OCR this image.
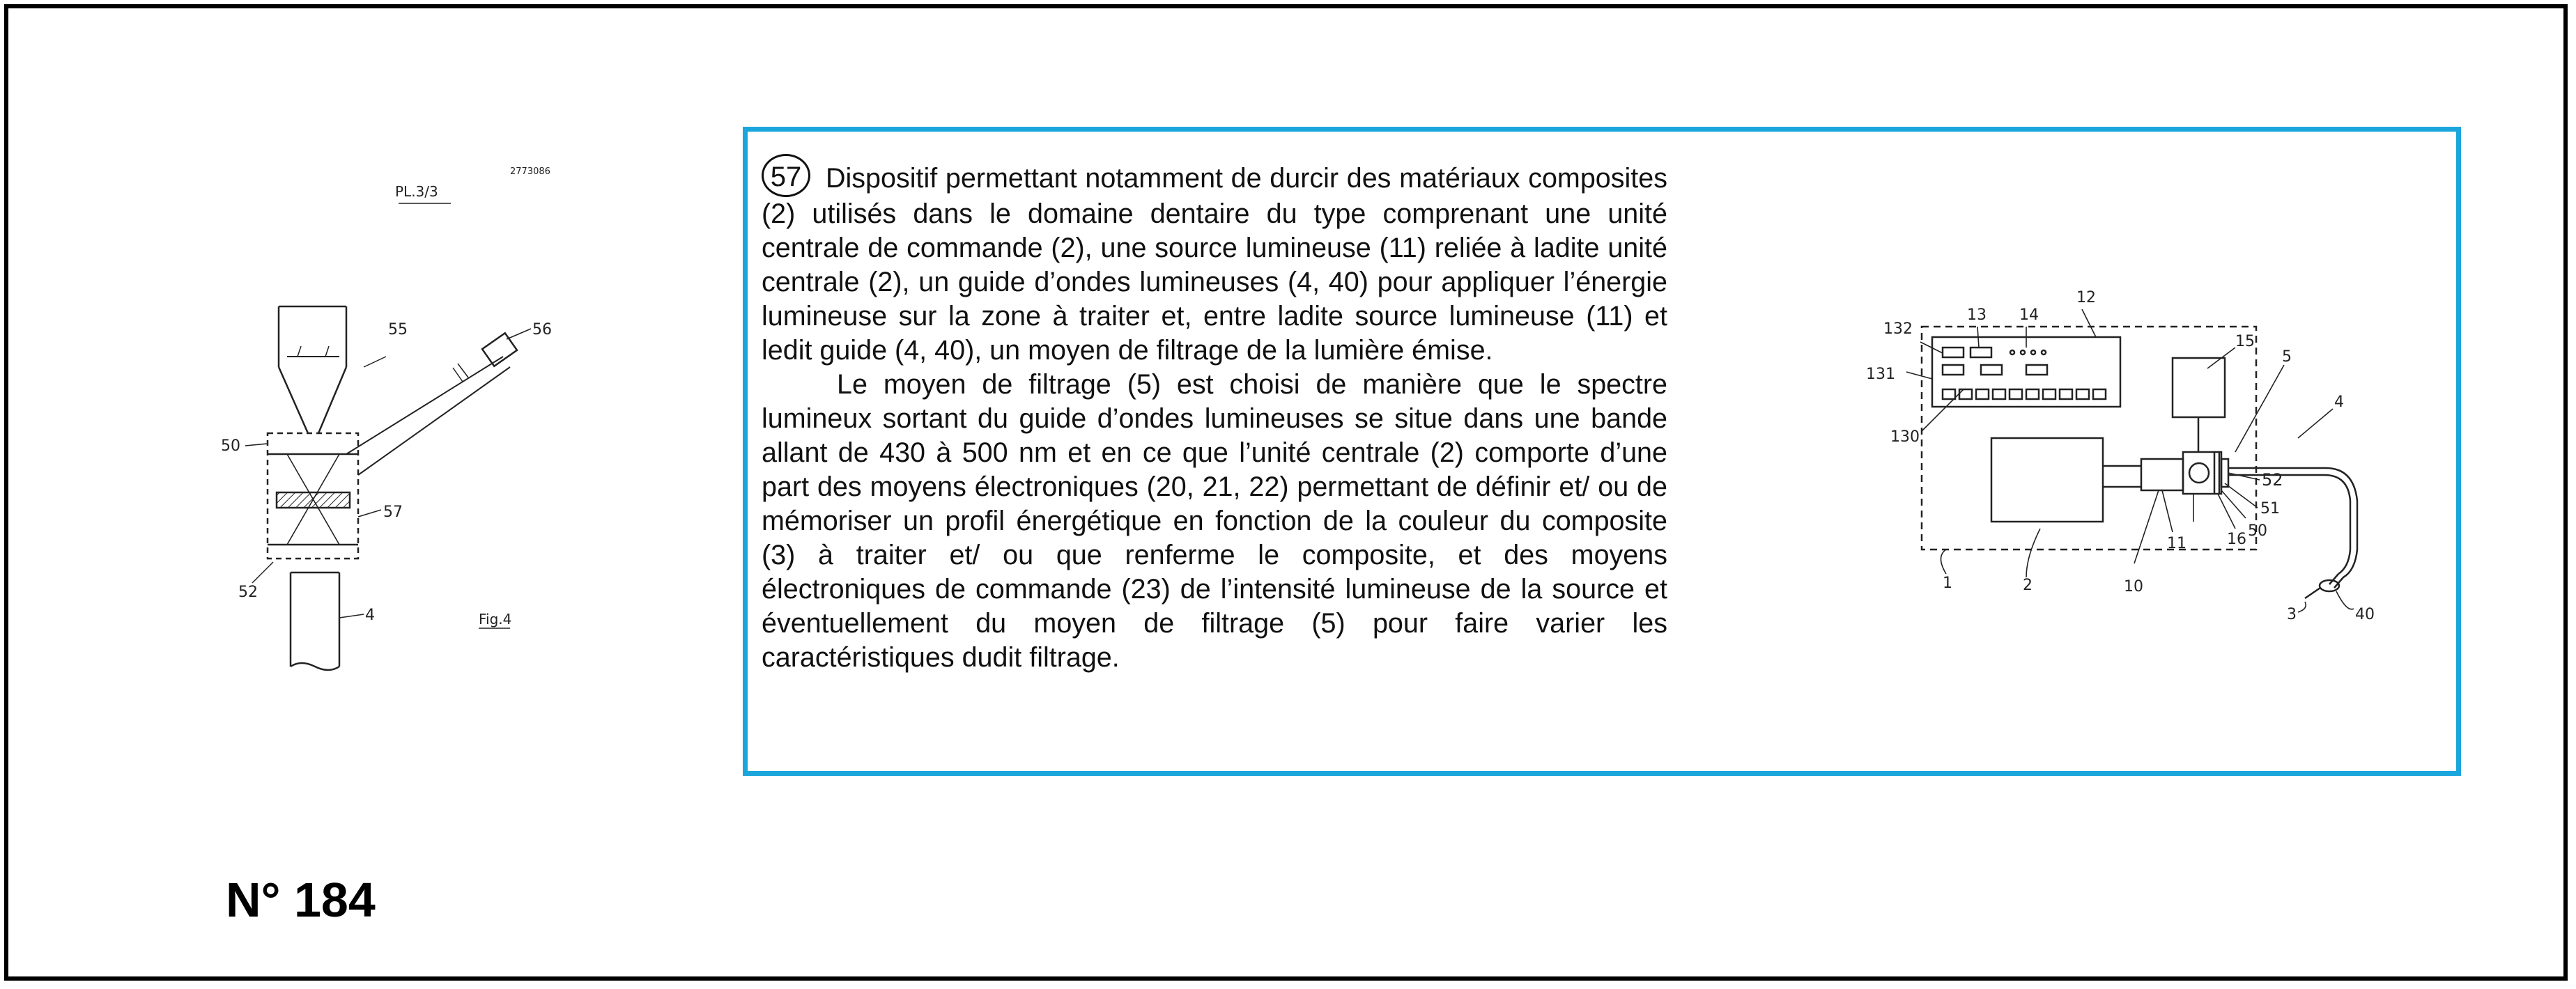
PL.3/3
2773086
Fig.4
55	56
50
57
52
4

57 Dispositif permettant notamment de durcir des matériaux composites (2) utilisés dans le domaine dentaire du type comprenant une unité centrale de commande (2), une source lumineuse (11) reliée à ladite unité centrale (2), un guide d’ondes lumineuses (4, 40) pour appliquer l’énergie lumineuse sur la zone à traiter et, entre ladite source lumineuse (11) et ledit guide (4, 40), un moyen de filtrage de la lumière émise.

Le moyen de filtrage (5) est choisi de manière que le spectre lumineux sortant du guide d’ondes lumineuses se situe dans une bande allant de 430 à 500 nm et en ce que l’unité centrale (2) comporte d’une part des moyens électroniques (20, 21, 22) permettant de définir et/ ou de mémoriser un profil énergétique en fonction de la couleur du composite (3) à traiter et/ ou que renferme le composite, et des moyens électroniques de commande (23) de l’intensité lumineuse de la source et éventuellement du moyen de filtrage (5) pour faire varier les caractéristiques dudit filtrage.

132
13 14
12
15
5
4
131
130
52
51
50
1	2	10
11	16
3	40
N° 184
